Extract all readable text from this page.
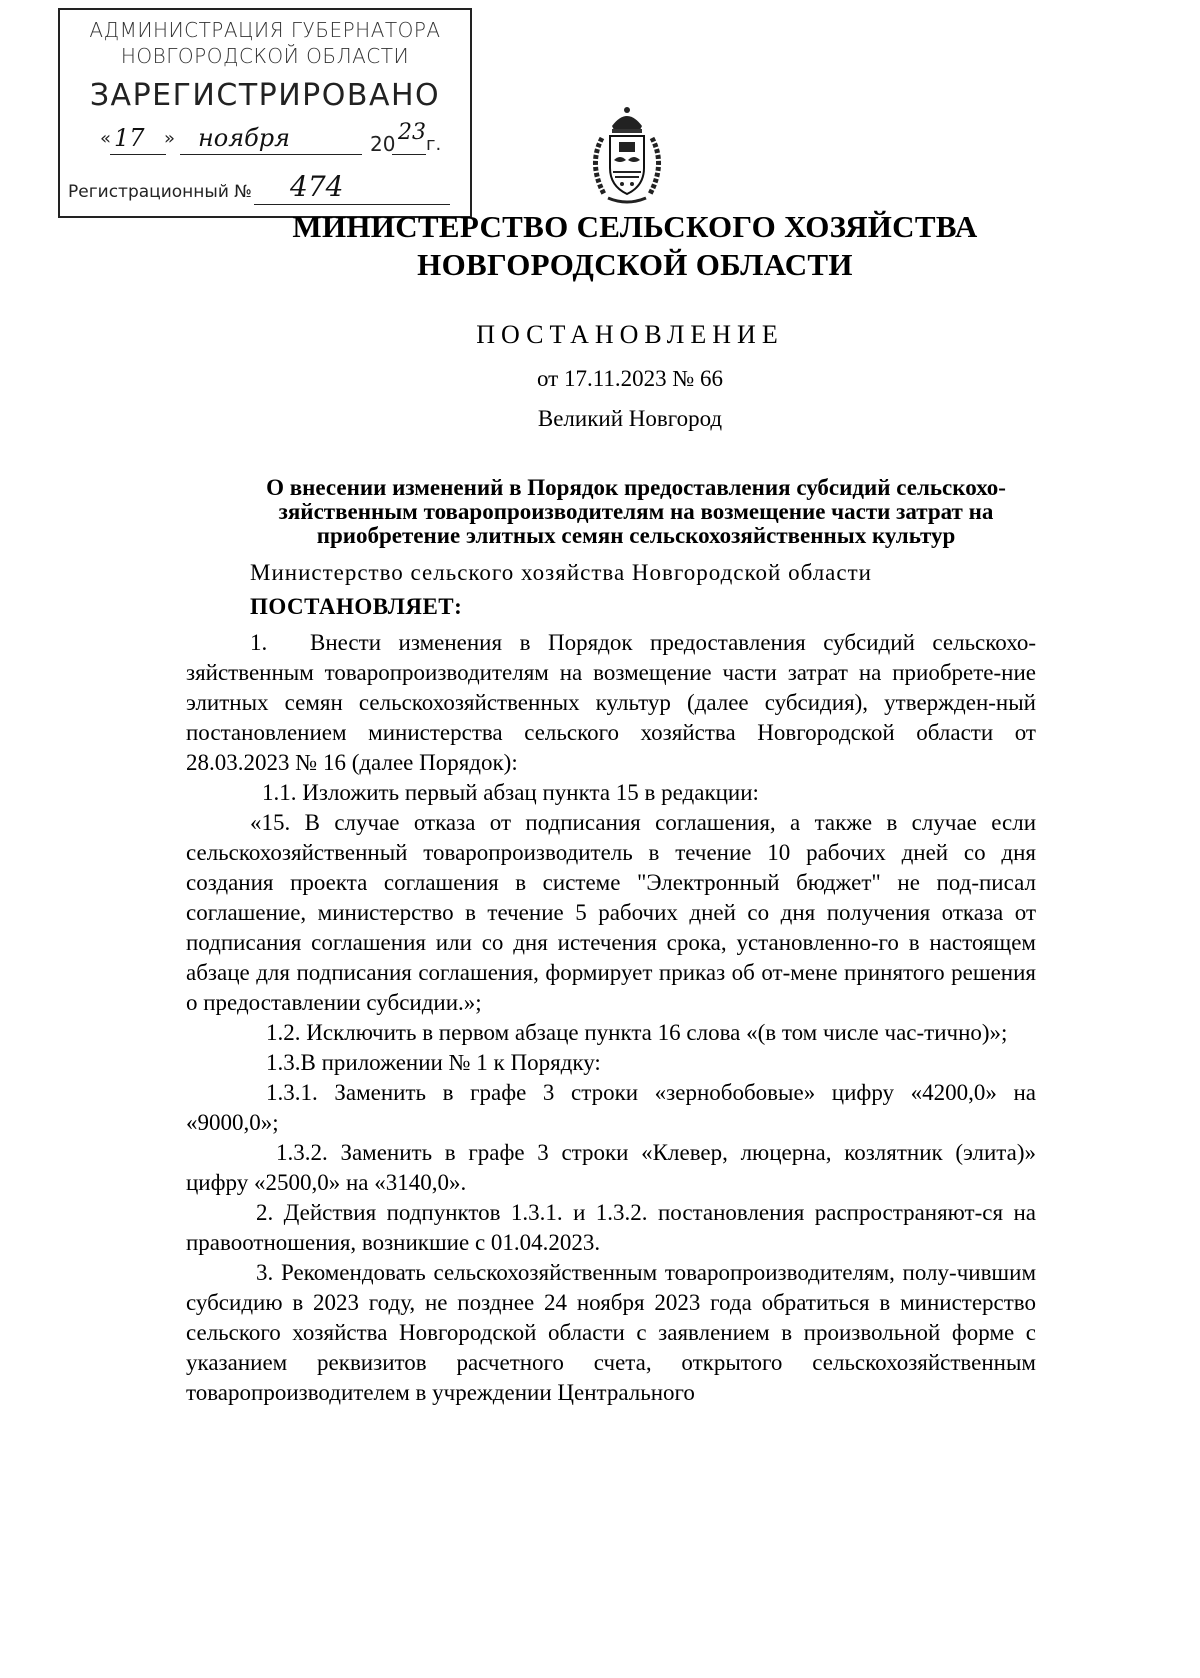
АДМИНИСТРАЦИЯ ГУБЕРНАТОРА
НОВГОРОДСКОЙ ОБЛАСТИ
ЗАРЕГИСТРИРОВАНО
« 17 » ноября	20 23 г.
Регистрационный № 474
МИНИСТЕРСТВО СЕЛЬСКОГО ХОЗЯЙСТВА
НОВГОРОДСКОЙ ОБЛАСТИ
ПОСТАНОВЛЕНИЕ
от 17.11.2023 № 66
Великий Новгород
О внесении изменений в Порядок предоставления субсидий сельскохо-
зяйственным товаропроизводителям на возмещение части затрат на
приобретение элитных семян сельскохозяйственных культур
Министерство сельского хозяйства Новгородской области
ПОСТАНОВЛЯЕТ:
1. Внести изменения в Порядок предоставления субсидий сельскохо-зяйственным товаропроизводителям на возмещение части затрат на приобрете-ние элитных семян сельскохозяйственных культур (далее субсидия), утвержден-ный постановлением министерства сельского хозяйства Новгородской области от 28.03.2023 № 16 (далее Порядок):
1.1. Изложить первый абзац пункта 15 в редакции:
«15. В случае отказа от подписания соглашения, а также в случае если сельскохозяйственный товаропроизводитель в течение 10 рабочих дней со дня создания проекта соглашения в системе "Электронный бюджет" не под-писал соглашение, министерство в течение 5 рабочих дней со дня получения отказа от подписания соглашения или со дня истечения срока, установленно-го в настоящем абзаце для подписания соглашения, формирует приказ об от-мене принятого решения о предоставлении субсидии.»;
1.2. Исключить в первом абзаце пункта 16 слова «(в том числе час-тично)»;
1.3.В приложении № 1 к Порядку:
1.3.1. Заменить в графе 3 строки «зернобобовые» цифру «4200,0» на «9000,0»;
1.3.2. Заменить в графе 3 строки «Клевер, люцерна, козлятник (элита)» цифру «2500,0» на «3140,0».
2. Действия подпунктов 1.3.1. и 1.3.2. постановления распространяют-ся на правоотношения, возникшие с 01.04.2023.
3. Рекомендовать сельскохозяйственным товаропроизводителям, полу-чившим субсидию в 2023 году, не позднее 24 ноября 2023 года обратиться в министерство сельского хозяйства Новгородской области с заявлением в произвольной форме с указанием реквизитов расчетного счета, открытого сельскохозяйственным товаропроизводителем в учреждении Центрального
